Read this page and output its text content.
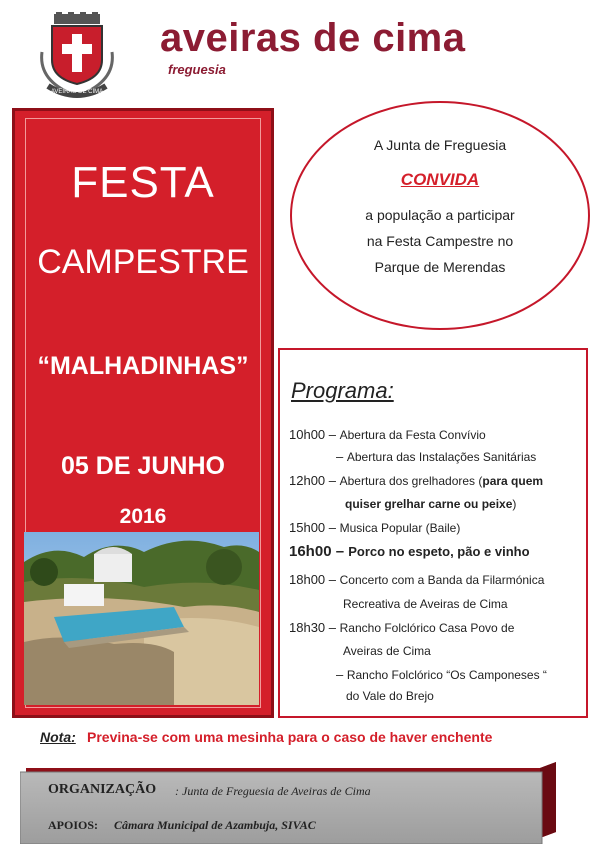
AVEIRAS DE CIMA
aveiras de cima
freguesia
FESTA
CAMPESTRE
“MALHADINHAS”
05 DE JUNHO
2016
A Junta de Freguesia
CONVIDA
a população a participar
na Festa Campestre no
Parque de Merendas
Programa:
10h00 – Abertura da Festa Convívio
– Abertura das Instalações Sanitárias
12h00 – Abertura dos grelhadores (para quem
quiser grelhar carne ou peixe)
15h00 – Musica Popular (Baile)
16h00 – Porco no espeto, pão e vinho
18h00 – Concerto com a Banda da Filarmónica
Recreativa de Aveiras de Cima
18h30 – Rancho Folclórico Casa Povo de
Aveiras de Cima
– Rancho Folclórico “Os Camponeses “
do Vale do Brejo
Nota: Previna-se com uma mesinha para o caso de haver enchente
ORGANIZAÇÃO : Junta de Freguesia de Aveiras de Cima
APOIOS: Câmara Municipal de Azambuja, SIVAC
